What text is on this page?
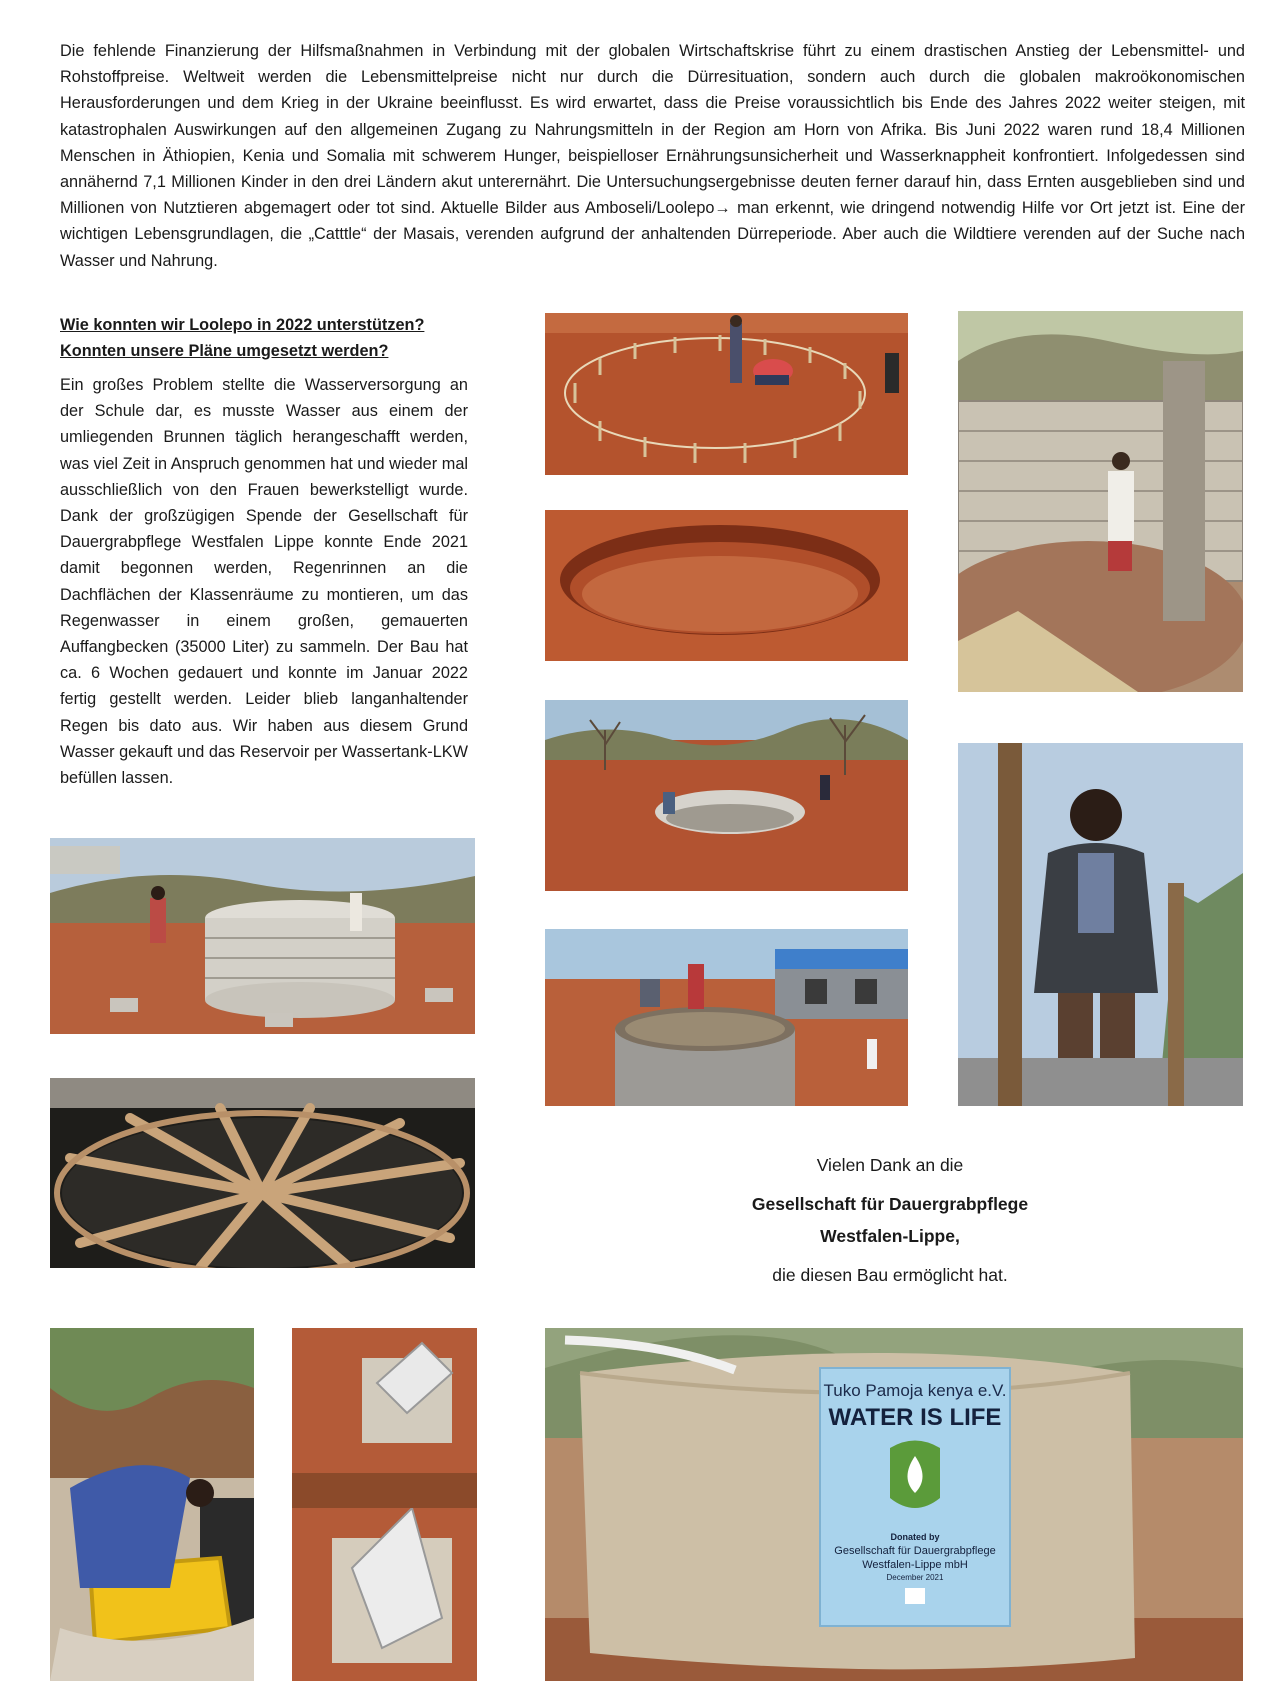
Die fehlende Finanzierung der Hilfsmaßnahmen in Verbindung mit der globalen Wirtschaftskrise führt zu einem drastischen Anstieg der Lebensmittel- und Rohstoffpreise. Weltweit werden die Lebensmittelpreise nicht nur durch die Dürresituation, sondern auch durch die globalen makroökonomischen Herausforderungen und dem Krieg in der Ukraine beeinflusst. Es wird erwartet, dass die Preise voraussichtlich bis Ende des Jahres 2022 weiter steigen, mit katastrophalen Auswirkungen auf den allgemeinen Zugang zu Nahrungsmitteln in der Region am Horn von Afrika. Bis Juni 2022 waren rund 18,4 Millionen Menschen in Äthiopien, Kenia und Somalia mit schwerem Hunger, beispielloser Ernährungsunsicherheit und Wasserknappheit konfrontiert. Infolgedessen sind annähernd 7,1 Millionen Kinder in den drei Ländern akut unterernährt. Die Untersuchungsergebnisse deuten ferner darauf hin, dass Ernten ausgeblieben sind und Millionen von Nutztieren abgemagert oder tot sind. Aktuelle Bilder aus Amboseli/Loolepo→ man erkennt, wie dringend notwendig Hilfe vor Ort jetzt ist. Eine der wichtigen Lebensgrundlagen, die „Catttle“ der Masais, verenden aufgrund der anhaltenden Dürreperiode. Aber auch die Wildtiere verenden auf der Suche nach Wasser und Nahrung.

Wie konnten wir Loolepo in 2022 unterstützen?
Konnten unsere Pläne umgesetzt werden?

Ein großes Problem stellte die Wasserversorgung an der Schule dar, es musste Wasser aus einem der umliegenden Brunnen täglich herangeschafft werden, was viel Zeit in Anspruch genommen hat und wieder mal ausschließlich von den Frauen bewerkstelligt wurde. Dank der großzügigen Spende der Gesellschaft für Dauergrabpflege Westfalen Lippe konnte Ende 2021 damit begonnen werden, Regenrinnen an die Dachflächen der Klassenräume zu montieren, um das Regenwasser in einem großen, gemauerten Auffangbecken (35000 Liter) zu sammeln. Der Bau hat ca. 6 Wochen gedauert und konnte im Januar 2022 fertig gestellt werden. Leider blieb langanhaltender Regen bis dato aus. Wir haben aus diesem Grund Wasser gekauft und das Reservoir per Wassertank-LKW befüllen lassen.

Tuko Pamoja kenya e.V.
WATER IS LIFE
Donated by
Gesellschaft für Dauergrabpflege
Westfalen-Lippe mbH
December 2021
Vielen Dank an die
Gesellschaft für Dauergrabpflege
Westfalen-Lippe,
die diesen Bau ermöglicht hat.
